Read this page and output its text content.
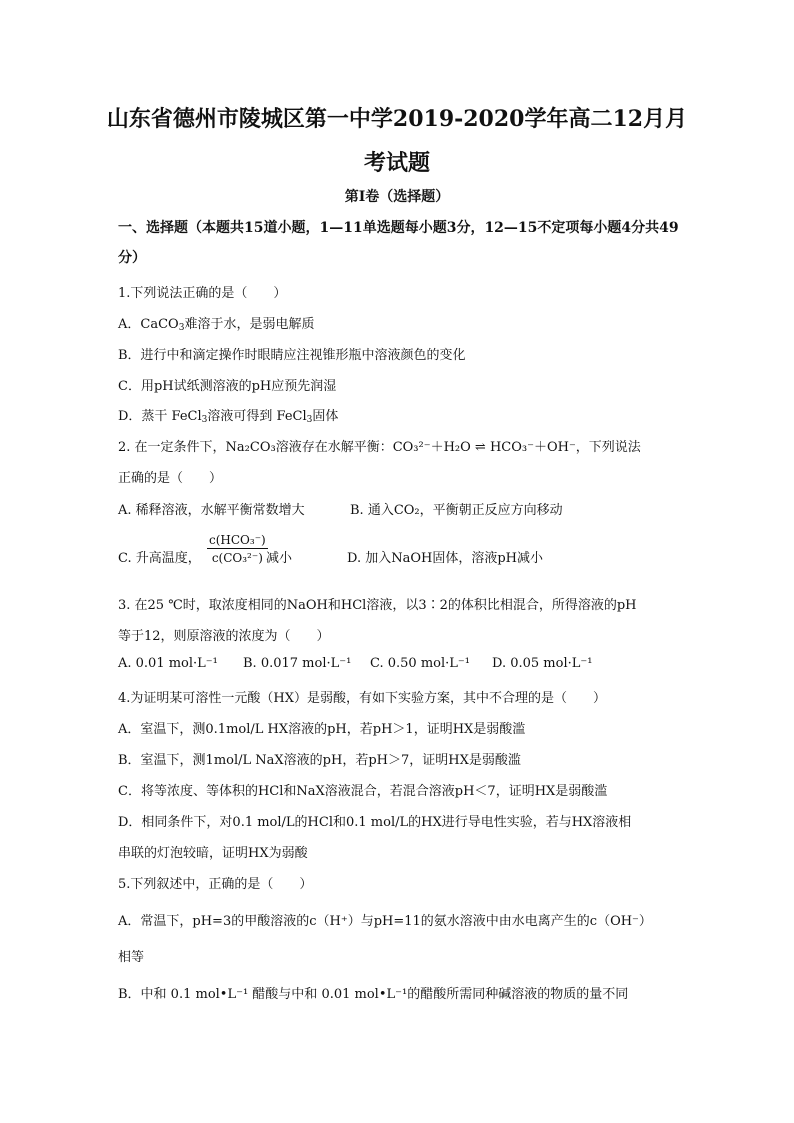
山东省德州市陵城区第一中学2019-2020学年高二12月月
考试题
第I卷（选择题）
一、选择题（本题共15道小题，1—11单选题每小题3分，12—15不定项每小题4分共49
分）
1.下列说法正确的是（　　）
A．CaCO3难溶于水，是弱电解质
B．进行中和滴定操作时眼睛应注视锥形瓶中溶液颜色的变化
C．用pH试纸测溶液的pH应预先润湿
D．蒸干 FeCl3溶液可得到 FeCl3固体
2. 在一定条件下，Na₂CO₃溶液存在水解平衡：CO₃²⁻＋H₂O ⇌ HCO₃⁻＋OH⁻，下列说法
正确的是（　　）
A. 稀释溶液，水解平衡常数增大	B. 通入CO₂，平衡朝正反应方向移动
C. 升高温度，
c(HCO₃⁻)
c(CO₃²⁻) 减小	D. 加入NaOH固体，溶液pH减小
3. 在25 ℃时，取浓度相同的NaOH和HCl溶液，以3∶2的体积比相混合，所得溶液的pH
等于12，则原溶液的浓度为（　　）
A. 0.01 mol·L⁻¹ B. 0.017 mol·L⁻¹ C. 0.50 mol·L⁻¹ D. 0.05 mol·L⁻¹
4.为证明某可溶性一元酸（HX）是弱酸，有如下实验方案，其中不合理的是（　　）
A．室温下，测0.1mol/L HX溶液的pH，若pH＞1，证明HX是弱酸滥
B．室温下，测1mol/L NaX溶液的pH，若pH＞7，证明HX是弱酸滥
C．将等浓度、等体积的HCl和NaX溶液混合，若混合溶液pH＜7，证明HX是弱酸滥
D．相同条件下，对0.1 mol/L的HCl和0.1 mol/L的HX进行导电性实验，若与HX溶液相
串联的灯泡较暗，证明HX为弱酸
5.下列叙述中，正确的是（　　）
A．常温下，pH=3的甲酸溶液的c（H⁺）与pH=11的氨水溶液中由水电离产生的c（OH⁻）
相等
B．中和 0.1 mol•L⁻¹ 醋酸与中和 0.01 mol•L⁻¹的醋酸所需同种碱溶液的物质的量不同
